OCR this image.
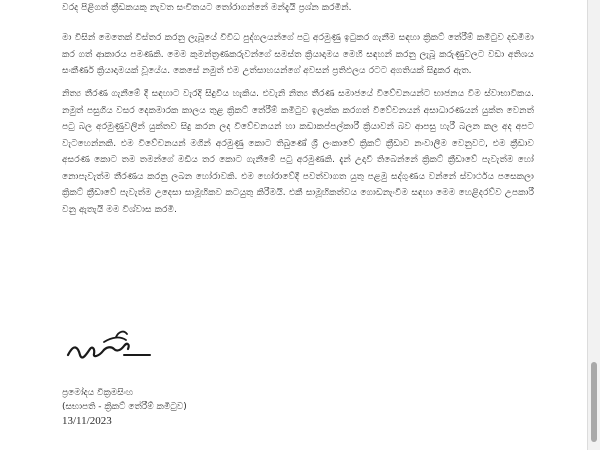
වරද පිළිගත් ක්‍රීඩකයකු නැවත සංචිතයට තෝරාගන්නේ මන්දැයි ප්‍රශ්න කරමින්.

මා විසින් මෙතෙක් විස්තර කරනු ලැබූයේ විවිධ පුද්ගලයන්ගේ පටු අරමුණු ඉටුකර ගැනීම සඳහා ක්‍රිකට් තේරීම් කමිටුව දඩමීමා කර ගත් ආකාරය පමණකි. මෙම කුමන්ත්‍රණකරුවන්ගේ සමස්ත ක්‍රියාදාමය මෙහි සඳහන් කරනු ලැබූ කරුණුවලට වඩා අතිශය සංකීර්ණ ක්‍රියාදාමයක් වූයේය. කෙසේ නමුත් එම උත්සාහයන්ගේ අවසන් ප්‍රතිඵලය රටට අගතියක් සිදුකර ඇත.

නිත්‍ය තීරණ ගැනීමේ දී සඳහාට වැරදි සිදුවිය හැකිය. එවැනි නිත්‍ය තීරණ සමාජයේ විවේචනයන්ට භාජනය වීම ස්වාභාවිකය. නමුත් පසුගිය වසර දෙකමාරක කාලය තුළ ක්‍රිකට් තේරීම් කමිටුව ඉලක්ක කරගත් විවේචනයන් අසාධාරණයන් යුක්ත වෙනත් පටු බල අරමුණුවලින් යුක්තව සිදු කරන ලද විවේචනයන් හා කඩාකප්පල්කාරී ක්‍රියාවන් බව ආපසු හැරී බලන කල අද අපට වැටහෙන්නකි. එම විවේචනයන් මගින් අරමුණු කොට තිබුණේ ශ්‍රී ලංකාවේ ක්‍රිකට් ක්‍රීඩාව නංවාලීම වෙනුවට, එම ක්‍රීඩාව අසරණ කොට තම තමන්ගේ මඩිය තර කොට ගැනීමේ පටු අරමුණකි. දැන් උදාවී තිබෙන්නේ ක්‍රිකට් ක්‍රීඩාවේ පැවැත්ම හෝ නොපැවැත්ම තීරණය කරනු ලබන හෝරාවකි. එම හෝරාවේදී පවත්වාගත යුතු පළමු සද්ගුණය වන්නේ ස්වාර්ථය පසෙකලා ක්‍රිකට් ක්‍රීඩාවේ පැවැත්ම උදෙසා සාමූහිකව කටයුතු කිරීමයි. එකී සාමූහිකත්වය ගොඩනැංවීම සඳහා මෙම හෙළිදරව්ව උපකාරී වනු ඇතැයි මම විශ්වාස කරමි.

ප්‍රමෝදය වික්‍රමසිංහ
(සභාපති - ක්‍රිකට් තේරීම් කමිටුව)
13/11/2023
